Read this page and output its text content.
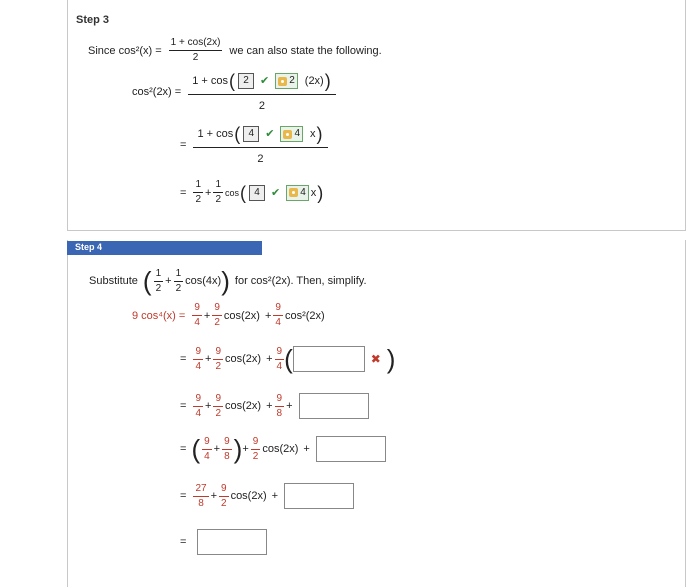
Step 3
Since $\cos^2(x) = \frac{1 + \cos(2x)}{2}$ we can also state the following.
cos²(2x) = 1 + cos ( 2	✔ 2 (2x) )
2
= 1 + cos ( 4	✔ 4 x )
2
= $\frac{1}{2} + \frac{1}{2}$ cos ( 4	✔ 4 x )
Step 4
Substitute ( $\frac{1}{2} + \frac{1}{2} \cos(4x)$ ) for cos²(2x). Then, simplify.
9 $\cos^4(x) = \frac{9}{4} + \frac{9}{2} \cos(2x) + \frac{9}{4} \cos^2(2x)$
= $\frac{9}{4} + \frac{9}{2} \cos(2x) + \frac{9}{4}$ (	✖ )
= $\frac{9}{4} + \frac{9}{2} \cos(2x) + \frac{9}{8}$ +
= ( $\frac{9}{4} + \frac{9}{8}$ ) + $\frac{9}{2} \cos(2x)$ +
= $\frac{27}{8} + \frac{9}{2} \cos(2x)$ +
=
